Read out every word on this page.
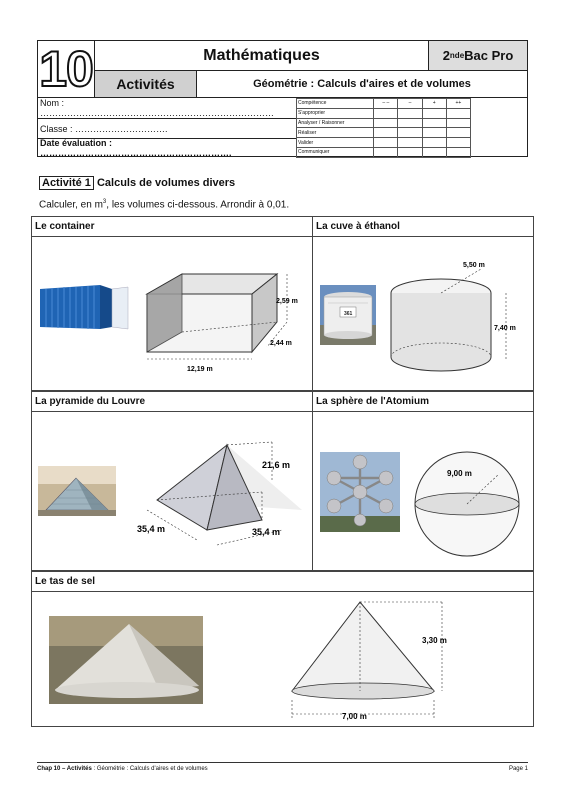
10	Mathématiques	2 nde Bac Pro
Activités	Géométrie : Calculs d'aires et de volumes
Nom : ……………………………………………………………………
Classe : ………………………….
Date évaluation : ……………………………………………………….
Compétence	– –	–	+	++
S'approprier				
Analyser / Raisonner				
Réaliser				
Valider				
Communiquer				
Activité 1 Calculs de volumes divers
Calculer, en $m^3$, les volumes ci-dessous. Arrondir à 0,01.
Le container
2,59 m
2,44 m
12,19 m
La cuve à éthanol
361
5,50 m
7,40 m
La pyramide du Louvre
21,6 m
35,4 m	35,4 m
La sphère de l'Atomium
9,00 m
Le tas de sel
3,30 m
7,00 m
Chap 10 – Activités : Géométrie : Calculs d'aires et de volumes	Page 1
